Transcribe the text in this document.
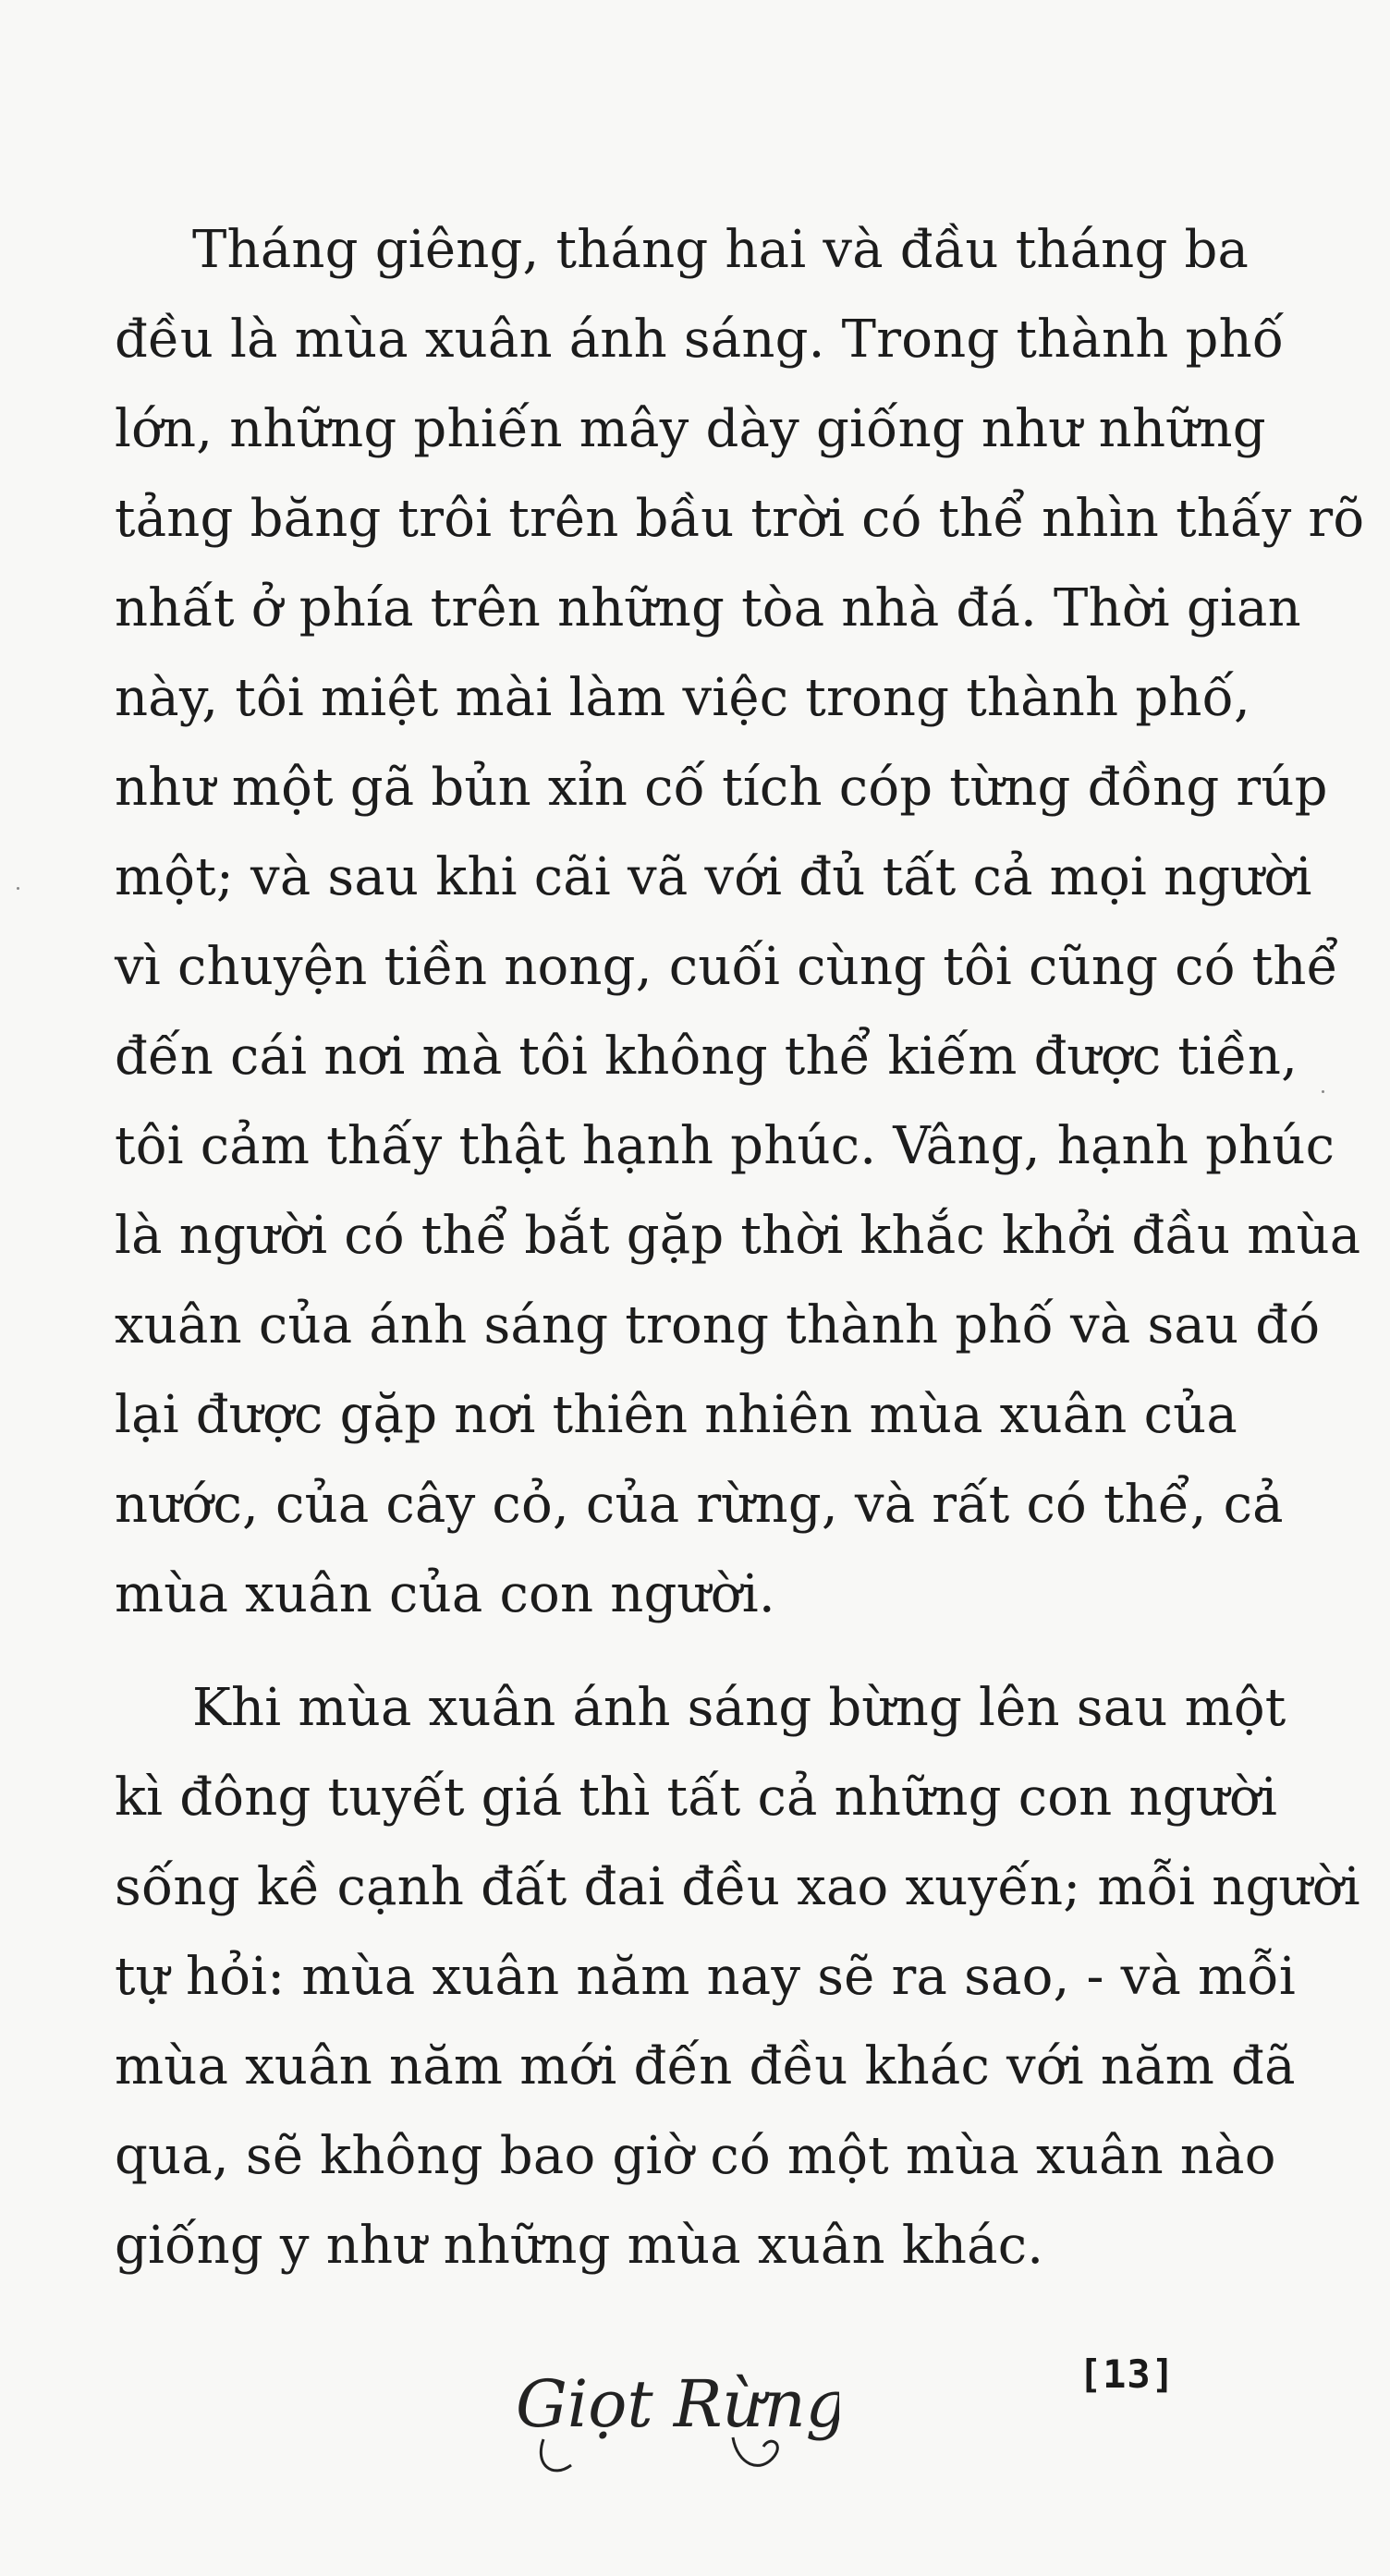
Tháng giêng, tháng hai và đầu tháng ba
đều là mùa xuân ánh sáng. Trong thành phố
lớn, những phiến mây dày giống như những
tảng băng trôi trên bầu trời có thể nhìn thấy rõ
nhất ở phía trên những tòa nhà đá. Thời gian
này, tôi miệt mài làm việc trong thành phố,
như một gã bủn xỉn cố tích cóp từng đồng rúp
một; và sau khi cãi vã với đủ tất cả mọi người
vì chuyện tiền nong, cuối cùng tôi cũng có thể
đến cái nơi mà tôi không thể kiếm được tiền,
tôi cảm thấy thật hạnh phúc. Vâng, hạnh phúc
là người có thể bắt gặp thời khắc khởi đầu mùa
xuân của ánh sáng trong thành phố và sau đó
lại được gặp nơi thiên nhiên mùa xuân của
nước, của cây cỏ, của rừng, và rất có thể, cả
mùa xuân của con người.
Khi mùa xuân ánh sáng bừng lên sau một
kì đông tuyết giá thì tất cả những con người
sống kề cạnh đất đai đều xao xuyến; mỗi người
tự hỏi: mùa xuân năm nay sẽ ra sao, - và mỗi
mùa xuân năm mới đến đều khác với năm đã
qua, sẽ không bao giờ có một mùa xuân nào
giống y như những mùa xuân khác.
Giọt Rừng	[13]
